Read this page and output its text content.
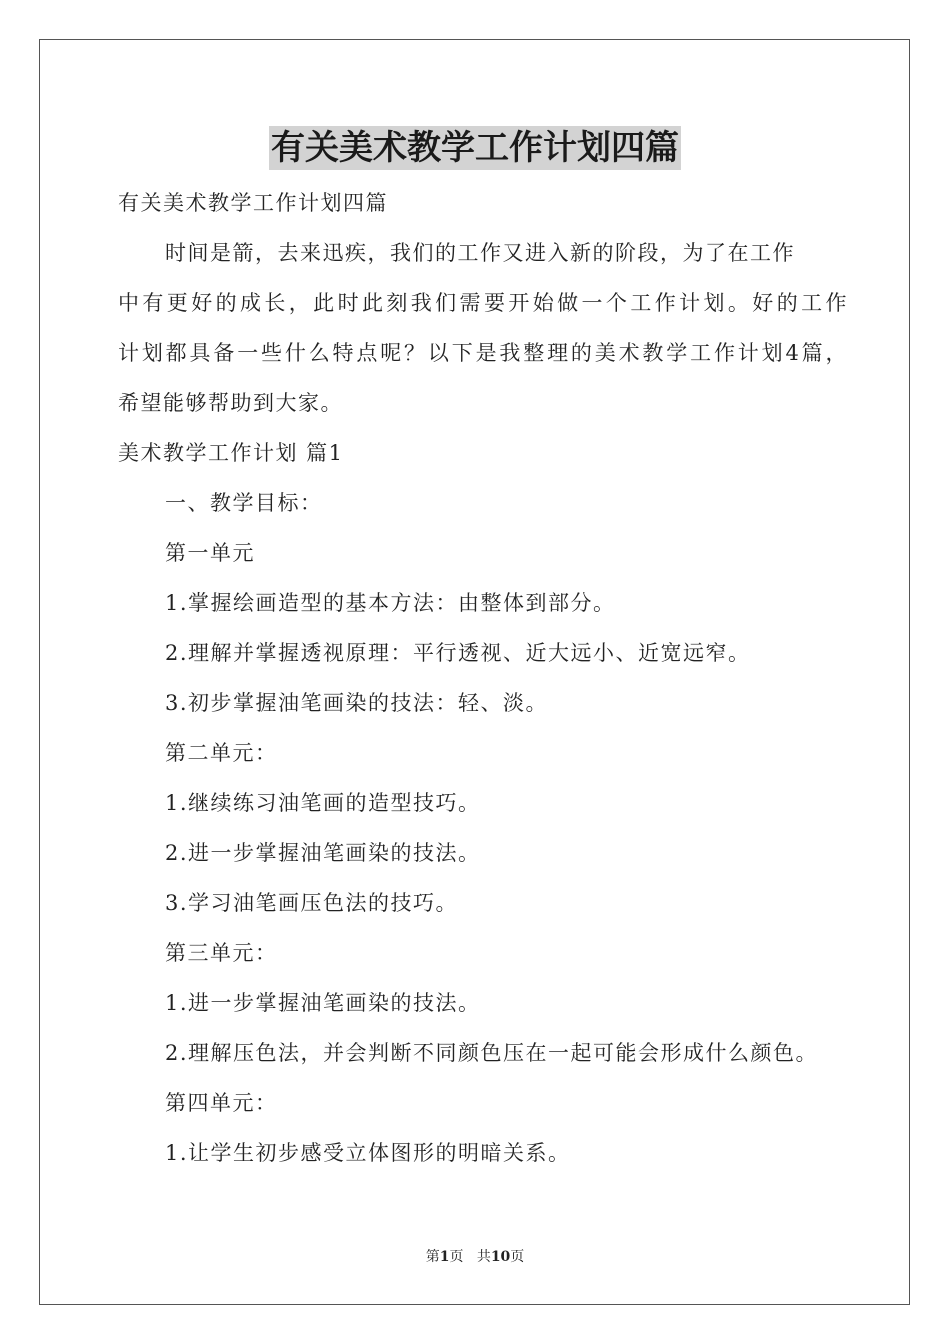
有关美术教学工作计划四篇

有关美术教学工作计划四篇

时间是箭，去来迅疾，我们的工作又进入新的阶段，为了在工作

中有更好的成长，此时此刻我们需要开始做一个工作计划。好的工作

计划都具备一些什么特点呢？以下是我整理的美术教学工作计划4篇，

希望能够帮助到大家。

美术教学工作计划 篇1

一、教学目标：

第一单元

1.掌握绘画造型的基本方法：由整体到部分。

2.理解并掌握透视原理：平行透视、近大远小、近宽远窄。

3.初步掌握油笔画染的技法：轻、淡。

第二单元：

1.继续练习油笔画的造型技巧。

2.进一步掌握油笔画染的技法。

3.学习油笔画压色法的技巧。

第三单元：

1.进一步掌握油笔画染的技法。

2.理解压色法，并会判断不同颜色压在一起可能会形成什么颜色。

第四单元：

1.让学生初步感受立体图形的明暗关系。

第1页 共10页
